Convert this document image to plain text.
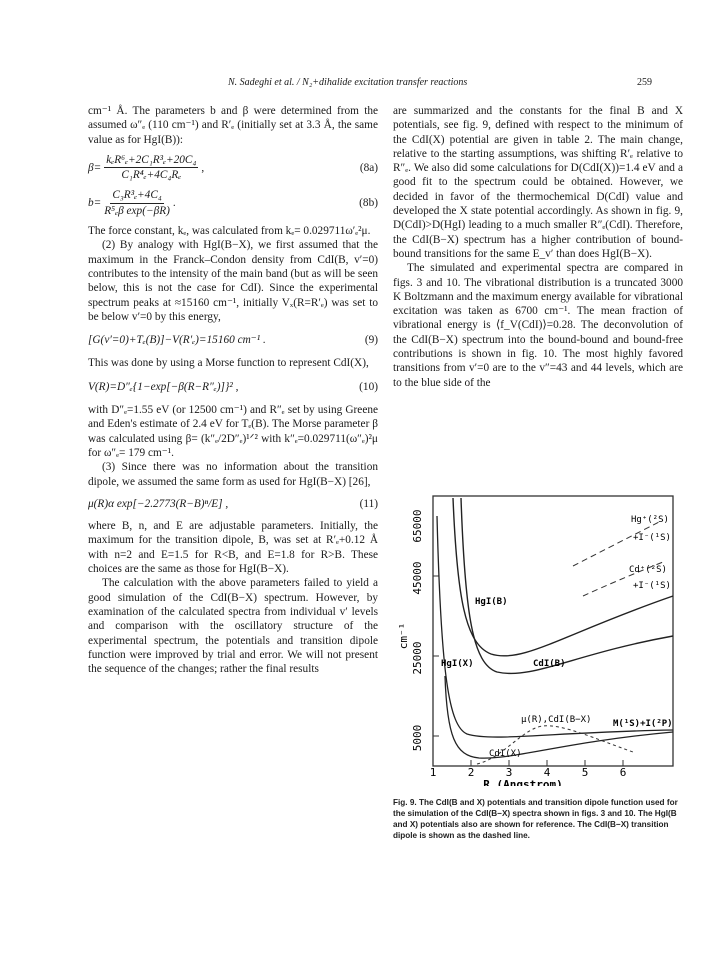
N. Sadeghi et al. / N₂+dihalide excitation transfer reactions	259

cm⁻¹ Å. The parameters b and β were determined from the assumed ω″ₑ (110 cm⁻¹) and R′ₑ (initially set at 3.3 Å, the same value as for HgI(B)):

β=
kₑR⁶ₑ+2C₁R³ₑ+20C₄
C₁R⁴ₑ+4C₄Rₑ
,	(8a)
$b= \frac{\text{C₃R³ₑ+4C₄}}{\text{R⁵ₑβ exp(−βR)}}$ .	(8b)

The force constant, kₑ, was calculated from kₑ= 0.029711ω′ₑ²μ.

(2) By analogy with HgI(B−X), we first assumed that the maximum in the Franck–Condon density from CdI(B, v′=0) contributes to the intensity of the main band (but as will be seen below, this is not the case for CdI). Since the experimental spectrum peaks at ≈15160 cm⁻¹, initially Vₓ(R=R′ₑ) was set to be below v′=0 by this energy,

[G(v′=0)+Tₑ(B)]−V(R′ₑ)=15160 cm⁻¹ .	(9)

This was done by using a Morse function to represent CdI(X),

V(R)=D″ₑ{1−exp[−β(R−R″ₑ)]}² ,	(10)

with D″ₑ=1.55 eV (or 12500 cm⁻¹) and R″ₑ set by using Greene and Eden's estimate of 2.4 eV for Tₑ(B). The Morse parameter β was calculated using β= (k″ₑ/2D″ₑ)¹ᐟ² with k″ₑ=0.029711(ω″ₑ)²μ for ω″ₑ= 179 cm⁻¹.

(3) Since there was no information about the transition dipole, we assumed the same form as used for HgI(B−X) [26],

μ(R)α exp[−2.2773(R−B)ⁿ/E] ,	(11)

where B, n, and E are adjustable parameters. Initially, the maximum for the transition dipole, B, was set at R′ₑ+0.12 Å with n=2 and E=1.5 for R<B, and E=1.8 for R>B. These choices are the same as those for HgI(B−X).

The calculation with the above parameters failed to yield a good simulation of the CdI(B−X) spectrum. However, by examination of the calculated spectra from individual v′ levels and comparison with the oscillatory structure of the experimental spectrum, the potentials and transition dipole function were improved by trial and error. We will not present the sequence of the changes; rather the final results

are summarized and the constants for the final B and X potentials, see fig. 9, defined with respect to the minimum of the CdI(X) potential are given in table 2. The main change, relative to the starting assumptions, was shifting R′ₑ relative to R″ₑ. We also did some calculations for D(CdI(X))=1.4 eV and a good fit to the spectrum could be obtained. However, we decided in favor of the thermochemical D(CdI) value and developed the X state potential accordingly. As shown in fig. 9, D(CdI)>D(HgI) leading to a much smaller R″ₑ(CdI). Therefore, the CdI(B−X) spectrum has a higher contribution of bound-bound transitions for the same E_v′ than does HgI(B−X).

The simulated and experimental spectra are compared in figs. 3 and 10. The vibrational distribution is a truncated 3000 K Boltzmann and the maximum energy available for vibrational excitation was taken as 6700 cm⁻¹. The mean fraction of vibrational energy is ⟨f_V(CdI)⟩=0.28. The deconvolution of the CdI(B−X) spectrum into the bound-bound and bound-free contributions is shown in fig. 10. The most highly favored transitions from v′=0 are to the v″=43 and 44 levels, which are to the blue side of the

5000
25000
45000
65000
cm⁻¹
1	2	3	4	5	6
R (Angstrom)
Hg⁺(²S)
+I⁻(¹S)
Cd⁺(²S)
+I⁻(¹S)
HgI(B)
HgI(X)	CdI(B)
μ(R),CdI(B−X) M(¹S)+I(²P)
CdI(X)
Fig. 9. The CdI(B and X) potentials and transition dipole function used for the simulation of the CdI(B−X) spectra shown in figs. 3 and 10. The HgI(B and X) potentials also are shown for reference. The CdI(B−X) transition dipole is shown as the dashed line.
